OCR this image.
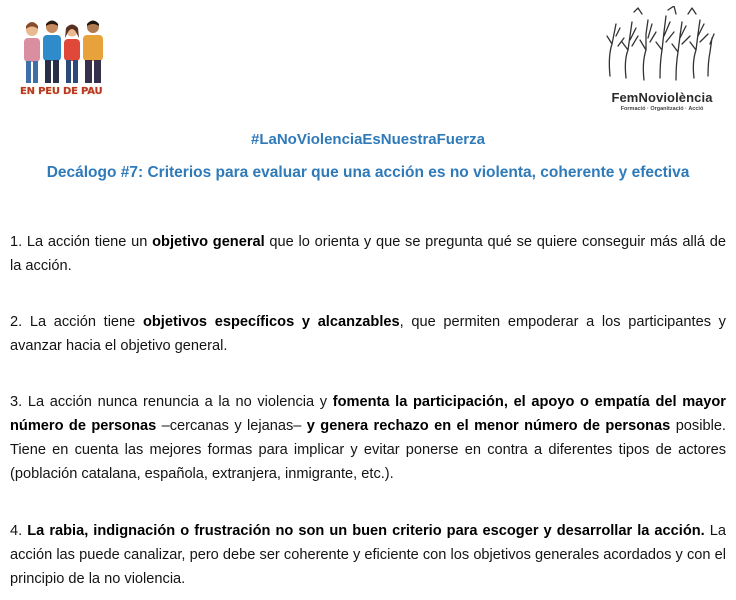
EN PEU DE PAU	FemNoviolència
Formació · Organització · Acció
#LaNoViolenciaEsNuestraFuerza
Decálogo #7: Criterios para evaluar que una acción es no violenta, coherente y efectiva

1. La acción tiene un objetivo general que lo orienta y que se pregunta qué se quiere conseguir más allá de la acción.

2. La acción tiene objetivos específicos y alcanzables, que permiten empoderar a los participantes y avanzar hacia el objetivo general.

3. La acción nunca renuncia a la no violencia y fomenta la participación, el apoyo o empatía del mayor número de personas –cercanas y lejanas– y genera rechazo en el menor número de personas posible. Tiene en cuenta las mejores formas para implicar y evitar ponerse en contra a diferentes tipos de actores (población catalana, española, extranjera, inmigrante, etc.).

4. La rabia, indignación o frustración no son un buen criterio para escoger y desarrollar la acción. La acción las puede canalizar, pero debe ser coherente y eficiente con los objetivos generales acordados y con el principio de la no violencia.
